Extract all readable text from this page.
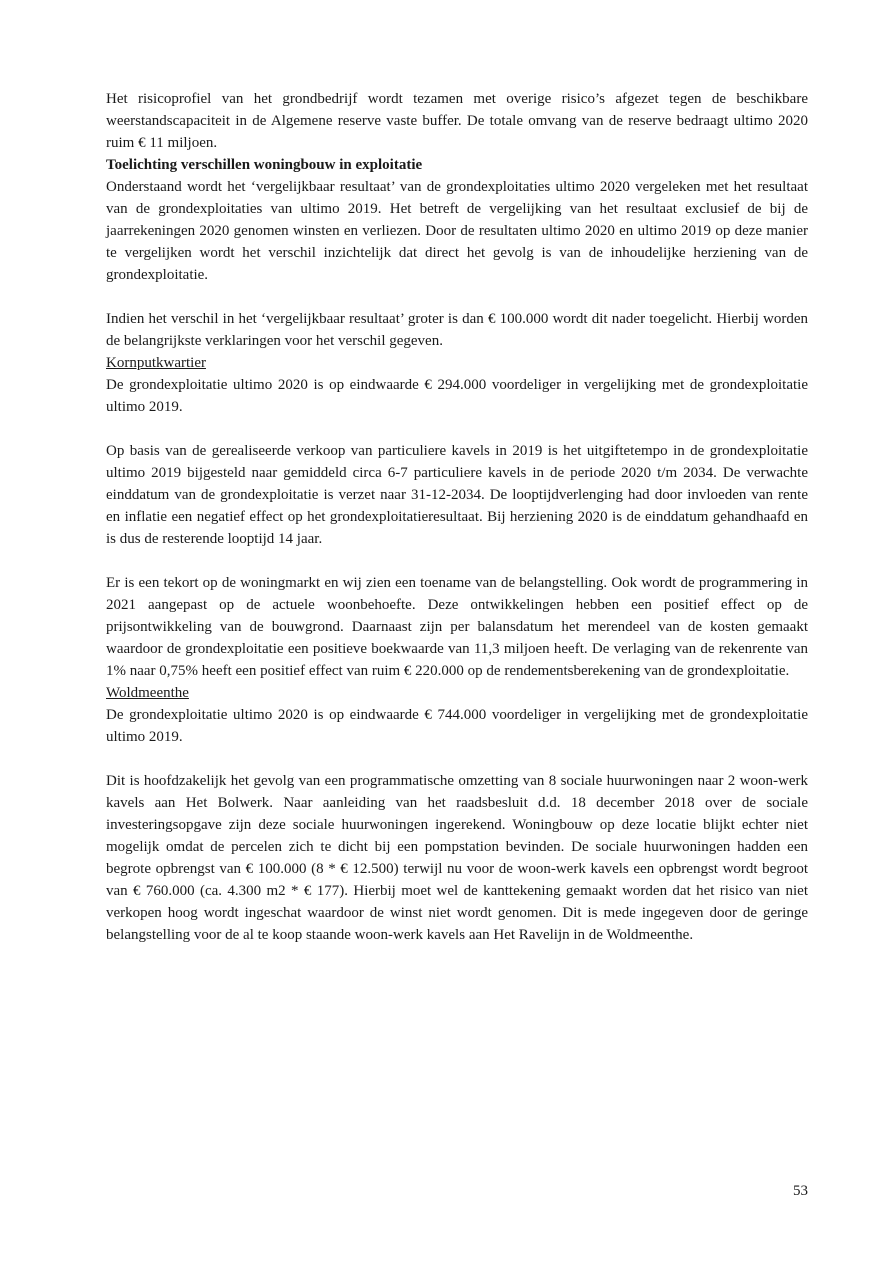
Het risicoprofiel van het grondbedrijf wordt tezamen met overige risico’s afgezet tegen de beschikbare weerstandscapaciteit in de Algemene reserve vaste buffer. De totale omvang van de reserve bedraagt ultimo 2020 ruim € 11 miljoen.

Toelichting verschillen woningbouw in exploitatie

Onderstaand wordt het ‘vergelijkbaar resultaat’ van de grondexploitaties ultimo 2020 vergeleken met het resultaat van de grondexploitaties van ultimo 2019. Het betreft de vergelijking van het resultaat exclusief de bij de jaarrekeningen 2020 genomen winsten en verliezen. Door de resultaten ultimo 2020 en ultimo 2019 op deze manier te vergelijken wordt het verschil inzichtelijk dat direct het gevolg is van de inhoudelijke herziening van de grondexploitatie.

Indien het verschil in het ‘vergelijkbaar resultaat’ groter is dan € 100.000 wordt dit nader toegelicht. Hierbij worden de belangrijkste verklaringen voor het verschil gegeven.

Kornputkwartier

De grondexploitatie ultimo 2020 is op eindwaarde € 294.000 voordeliger in vergelijking met de grondexploitatie ultimo 2019.

Op basis van de gerealiseerde verkoop van particuliere kavels in 2019 is het uitgiftetempo in de grondexploitatie ultimo 2019 bijgesteld naar gemiddeld circa 6-7 particuliere kavels in de periode 2020 t/m 2034. De verwachte einddatum van de grondexploitatie is verzet naar 31-12-2034. De looptijdverlenging had door invloeden van rente en inflatie een negatief effect op het grondexploitatieresultaat. Bij herziening 2020 is de einddatum gehandhaafd en is dus de resterende looptijd 14 jaar.

Er is een tekort op de woningmarkt en wij zien een toename van de belangstelling. Ook wordt de programmering in 2021 aangepast op de actuele woonbehoefte. Deze ontwikkelingen hebben een positief effect op de prijsontwikkeling van de bouwgrond. Daarnaast zijn per balansdatum het merendeel van de kosten gemaakt waardoor de grondexploitatie een positieve boekwaarde van 11,3 miljoen heeft. De verlaging van de rekenrente van 1% naar 0,75% heeft een positief effect van ruim € 220.000 op de rendementsberekening van de grondexploitatie.

Woldmeenthe

De grondexploitatie ultimo 2020 is op eindwaarde € 744.000 voordeliger in vergelijking met de grondexploitatie ultimo 2019.

Dit is hoofdzakelijk het gevolg van een programmatische omzetting van 8 sociale huurwoningen naar 2 woon-werk kavels aan Het Bolwerk. Naar aanleiding van het raadsbesluit d.d. 18 december 2018 over de sociale investeringsopgave zijn deze sociale huurwoningen ingerekend. Woningbouw op deze locatie blijkt echter niet mogelijk omdat de percelen zich te dicht bij een pompstation bevinden. De sociale huurwoningen hadden een begrote opbrengst van € 100.000 (8 * € 12.500) terwijl nu voor de woon-werk kavels een opbrengst wordt begroot van € 760.000 (ca. 4.300 m2 * € 177). Hierbij moet wel de kanttekening gemaakt worden dat het risico van niet verkopen hoog wordt ingeschat waardoor de winst niet wordt genomen. Dit is mede ingegeven door de geringe belangstelling voor de al te koop staande woon-werk kavels aan Het Ravelijn in de Woldmeenthe.

53
